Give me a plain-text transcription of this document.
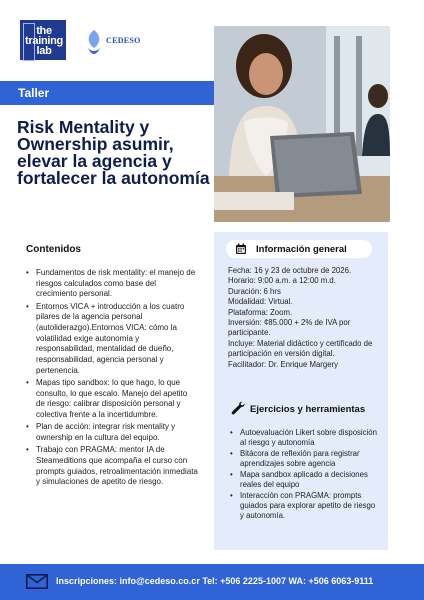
the training lab
CEDESO
Taller
Risk Mentality y Ownership asumir, elevar la agencia y fortalecer la autonomía
Contenidos
• Fundamentos de risk mentality: el manejo de riesgos calculados como base del crecimiento personal.
• Entornos VICA + introducción a los cuatro pilares de la agencia personal (autoliderazgo).Entornos VICA: cómo la volatilidad exige autonomía y responsabilidad, mentalidad de dueño, responsabilidad, agencia personal y pertenencia.
• Mapas tipo sandbox: lo que hago, lo que consulto, lo que escalo. Manejo del apetito de riesgo: calibrar disposición personal y colectiva frente a la incertidumbre.
• Plan de acción: integrar risk mentality y ownership en la cultura del equipo.
• Trabajo con PRAGMA: mentor IA de Steameditions que acompaña el curso con prompts guiados, retroalimentación inmediata y simulaciones de apetito de riesgo.
Información general
Fecha: 16 y 23 de octubre de 2026.
Horario: 9:00 a.m. a 12:00 m.d.
Duración: 6 hrs
Modalidad: Virtual.
Plataforma: Zoom.
Inversión: ¢85.000 + 2% de IVA por participante.
Incluye: Material didáctico y certificado de participación en versión digital.
Facilitador: Dr. Enrique Margery
Ejercicios y herramientas
• Autoevaluación Likert sobre disposición al riesgo y autonomía
• Bitácora de reflexión para registrar aprendizajes sobre agencia
• Mapa sandbox aplicado a decisiones reales del equipo
• Interacción con PRAGMA: prompts guiados para explorar apetito de riesgo y autonomía.
Inscripciones: info@cedeso.co.cr Tel: +506 2225-1007 WA: +506 6063-9111
